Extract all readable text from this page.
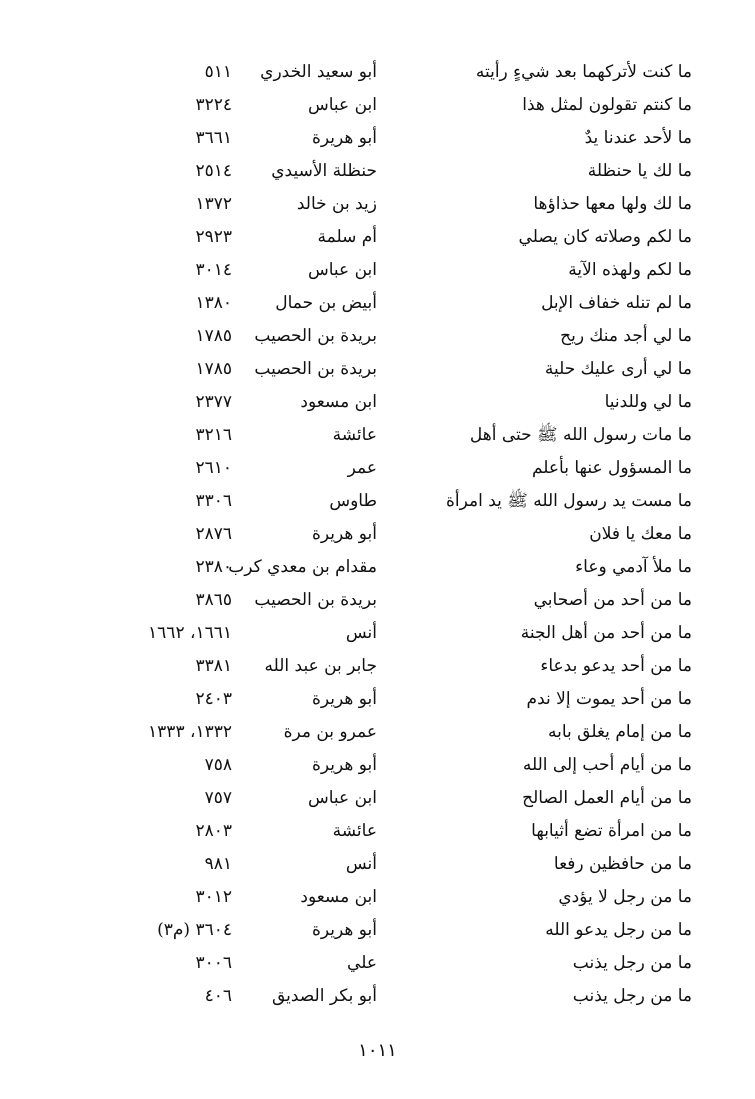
ما كنت لأتركهما بعد شيءٍ رأيته
أبو سعيد الخدري
٥١١
ما كنتم تقولون لمثل هذا
ابن عباس
٣٢٢٤
ما لأحد عندنا يدٌ
أبو هريرة
٣٦٦١
ما لك يا حنظلة
حنظلة الأسيدي
٢٥١٤
ما لك ولها معها حذاؤها
زيد بن خالد
١٣٧٢
ما لكم وصلاته كان يصلي
أم سلمة
٢٩٢٣
ما لكم ولهذه الآية
ابن عباس
٣٠١٤
ما لم تنله خفاف الإبل
أبيض بن حمال
١٣٨٠
ما لي أجد منك ريح
بريدة بن الحصيب
١٧٨٥
ما لي أرى عليك حلية
بريدة بن الحصيب
١٧٨٥
ما لي وللدنيا
ابن مسعود
٢٣٧٧
ما مات رسول الله ﷺ حتى أهل
عائشة
٣٢١٦
ما المسؤول عنها بأعلم
عمر
٢٦١٠
ما مست يد رسول الله ﷺ يد امرأة
طاوس
٣٣٠٦
ما معك يا فلان
أبو هريرة
٢٨٧٦
ما ملأ آدمي وعاء
مقدام بن معدي كرب
٢٣٨٠
ما من أحد من أصحابي
بريدة بن الحصيب
٣٨٦٥
ما من أحد من أهل الجنة
أنس
١٦٦١، ١٦٦٢
ما من أحد يدعو بدعاء
جابر بن عبد الله
٣٣٨١
ما من أحد يموت إلا ندم
أبو هريرة
٢٤٠٣
ما من إمام يغلق بابه
عمرو بن مرة
١٣٣٢، ١٣٣٣
ما من أيام أحب إلى الله
أبو هريرة
٧٥٨
ما من أيام العمل الصالح
ابن عباس
٧٥٧
ما من امرأة تضع أثيابها
عائشة
٢٨٠٣
ما من حافظين رفعا
أنس
٩٨١
ما من رجل لا يؤدي
ابن مسعود
٣٠١٢
ما من رجل يدعو الله
أبو هريرة
٣٦٠٤ (م٣)
ما من رجل يذنب
علي
٣٠٠٦
ما من رجل يذنب
أبو بكر الصديق
٤٠٦
١٠١١
